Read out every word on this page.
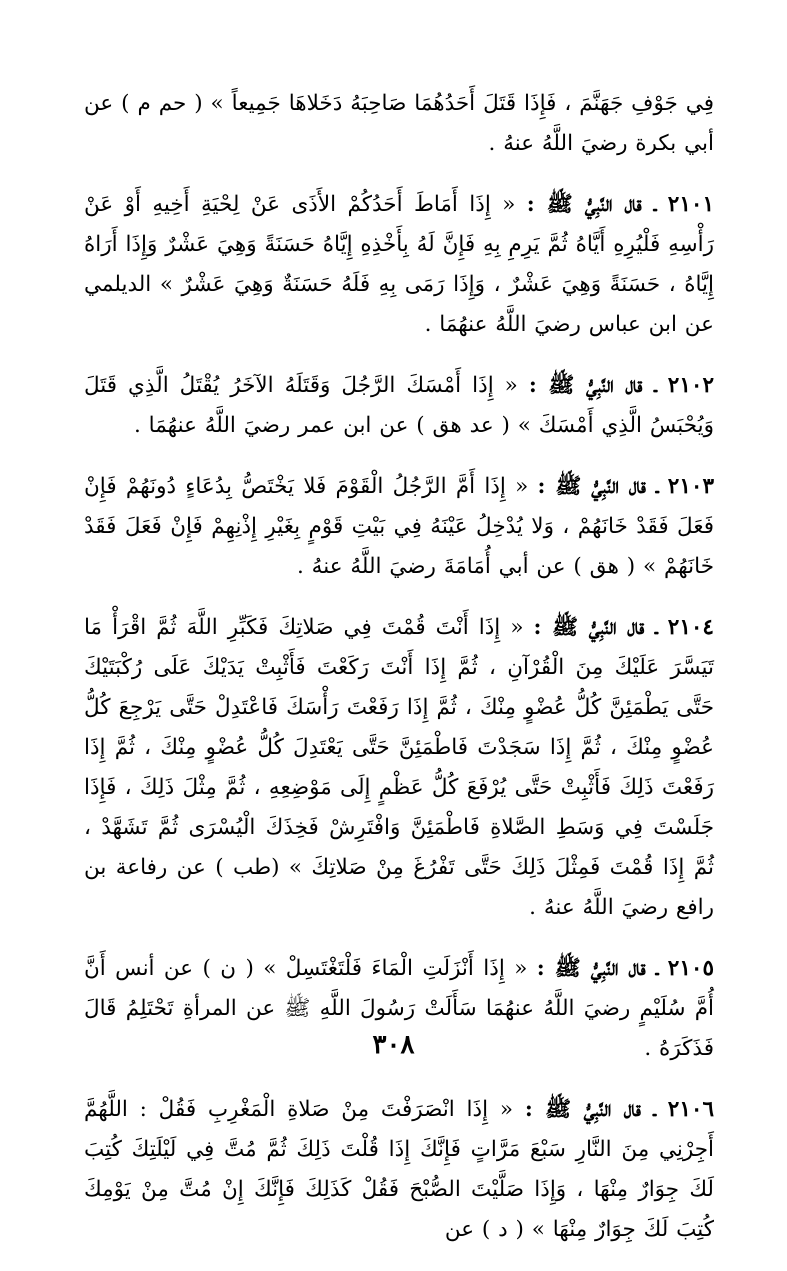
فِي جَوْفِ جَهَنَّمَ ، فَإِذَا قَتَلَ أَحَدُهُمَا صَاحِبَهُ دَخَلاهَا جَمِيعاً » ( حم م ) عن أبي بكرة رضيَ اللَّهُ عنهُ .

٢١٠١ ـ قال النَّبِيُّ ﷺ : « إِذَا أَمَاطَ أَحَدُكُمْ الأَذَى عَنْ لِحْيَةِ أَخِيهِ أَوْ عَنْ رَأْسِهِ فَلْيُرِهِ أَيَّاهُ ثُمَّ يَرِمِ بِهِ فَإِنَّ لَهُ بِأَخْذِهِ إِيَّاهُ حَسَنَةً وَهِيَ عَشْرٌ وَإِذَا أَرَاهُ إِيَّاهُ ، حَسَنَةً وَهِيَ عَشْرٌ ، وَإِذَا رَمَى بِهِ فَلَهُ حَسَنَةٌ وَهِيَ عَشْرٌ » الديلمي عن ابن عباس رضيَ اللَّهُ عنهُمَا .

٢١٠٢ ـ قال النَّبِيُّ ﷺ : « إِذَا أَمْسَكَ الرَّجُلَ وَقَتَلَهُ الآخَرُ يُقْتَلُ الَّذِي قَتَلَ وَيُحْبَسُ الَّذِي أَمْسَكَ » ( عد هق ) عن ابن عمر رضيَ اللَّهُ عنهُمَا .

٢١٠٣ ـ قال النَّبِيُّ ﷺ : « إِذَا أَمَّ الرَّجُلُ الْقَوْمَ فَلا يَخْتَصُّ بِدُعَاءٍ دُونَهُمْ فَإِنْ فَعَلَ فَقَدْ خَانَهُمْ ، وَلا يُدْخِلُ عَيْنَهُ فِي بَيْتِ قَوْمٍ بِغَيْرِ إِذْنِهِمْ فَإِنْ فَعَلَ فَقَدْ خَانَهُمْ » ( هق ) عن أبي أُمَامَةَ رضيَ اللَّهُ عنهُ .

٢١٠٤ ـ قال النَّبِيُّ ﷺ : « إِذَا أَنْتَ قُمْتَ فِي صَلاتِكَ فَكَبِّرِ اللَّهَ ثُمَّ اقْرَأْ مَا تَيَسَّرَ عَلَيْكَ مِنَ الْقُرْآنِ ، ثُمَّ إِذَا أَنْتَ رَكَعْتَ فَأَثْبِتْ يَدَيْكَ عَلَى رُكْبَتَيْكَ حَتَّى يَطْمَئِنَّ كُلُّ عُضْوٍ مِنْكَ ، ثُمَّ إِذَا رَفَعْتَ رَأْسَكَ فَاعْتَدِلْ حَتَّى يَرْجِعَ كُلُّ عُضْوٍ مِنْكَ ، ثُمَّ إِذَا سَجَدْتَ فَاطْمَئِنَّ حَتَّى يَعْتَدِلَ كُلُّ عُضْوٍ مِنْكَ ، ثُمَّ إِذَا رَفَعْتَ ذَلِكَ فَأَثْبِتْ حَتَّى يُرْفَعَ كُلُّ عَظْمٍ إِلَى مَوْضِعِهِ ، ثُمَّ مِثْلَ ذَلِكَ ، فَإِذَا جَلَسْتَ فِي وَسَطِ الصَّلاةِ فَاطْمَئِنَّ وَافْتَرِشْ فَخِذَكَ الْيُسْرَى ثُمَّ تَشَهَّدْ ، ثُمَّ إِذَا قُمْتَ فَمِثْلَ ذَلِكَ حَتَّى تَفْرُغَ مِنْ صَلاتِكَ » (طب ) عن رفاعة بن رافع رضيَ اللَّهُ عنهُ .

٢١٠٥ ـ قال النَّبِيُّ ﷺ : « إِذَا أَنْزَلَتِ الْمَاءَ فَلْتَغْتَسِلْ » ( ن ) عن أنس أَنَّ أُمَّ سُلَيْمٍ رضيَ اللَّهُ عنهُمَا سَأَلَتْ رَسُولَ اللَّهِ ﷺ عن المرأةِ تَحْتَلِمُ قَالَ فَذَكَرَهُ .

٢١٠٦ ـ قال النَّبِيُّ ﷺ : « إِذَا انْصَرَفْتَ مِنْ صَلاةِ الْمَغْرِبِ فَقُلْ : اللَّهُمَّ أَجِرْنِي مِنَ النَّارِ سَبْعَ مَرَّاتٍ فَإِنَّكَ إِذَا قُلْتَ ذَلِكَ ثُمَّ مُتَّ فِي لَيْلَتِكَ كُتِبَ لَكَ جِوَارٌ مِنْهَا ، وَإِذَا صَلَّيْتَ الصُّبْحَ فَقُلْ كَذَلِكَ فَإِنَّكَ إِنْ مُتَّ مِنْ يَوْمِكَ كُتِبَ لَكَ جِوَارٌ مِنْهَا » ( د ) عن

٣٠٨
